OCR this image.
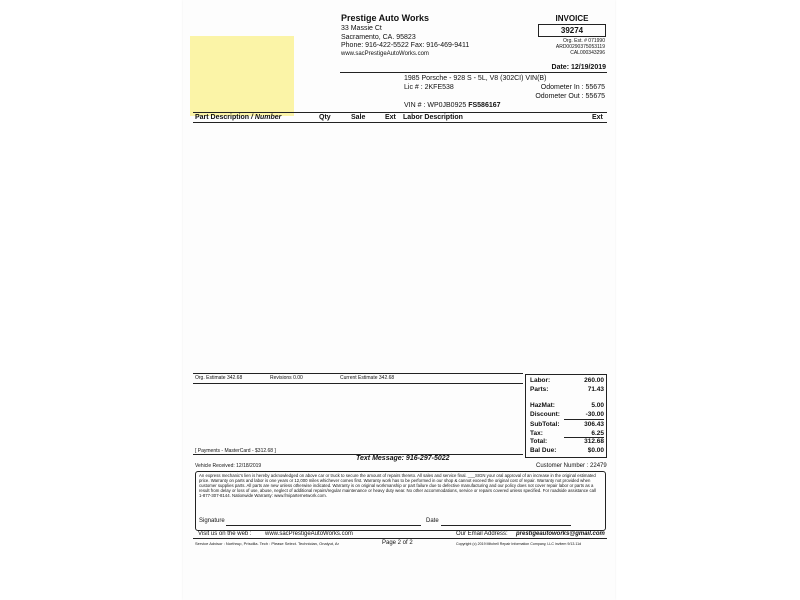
Prestige Auto Works
33 Massie Ct
Sacramento, CA. 95823
Phone: 916-422-5522 Fax: 916-469-9411
www.sacPrestigeAutoWorks.com
INVOICE
39274
Org. Est. # 071990
ARD00290375053119
CAL000343296
Date: 12/19/2019
1985 Porsche - 928 S - 5L, V8 (302CI) VIN(B)
Lic # : 2KFE538	Odometer In : 55675
Odometer Out : 55675
VIN # : WP0JB0925 FS586167
Part Description / Number	Qty	Sale	Ext Labor Description	Ext
Org. Estimate 342.68	Revisions 0.00	Current Estimate 342.68	Labor:	260.00
Parts:	71.43
HazMat:	5.00
Discount:	-30.00
SubTotal:	306.43
Tax:	6.25
Total:	312.68
Bal Due:	$0.00
[ Payments - MasterCard - $312.68 ]
Text Message: 916-297-5022
Vehicle Received: 12/18/2019	Customer Number : 22479
An express mechanic's lien is hereby acknowledged on above car or truck to secure the amount of repairs thereto. All sales and service final. ___SIGN your oral approval of an increase in the original estimated price. Warranty on parts and labor is one years or 12,000 miles whichever comes first. Warranty work has to be performed in our shop & cannot exceed the original cost of repair. Warranty not provided when customer supplies parts. All parts are new unless otherwise indicated. Warranty is on original workmanship or part failure due to defective manufacturing and our policy does not cover repair labor or parts as a result from delay or loss of use, abuse, neglect of additional repairs/regular maintenance or heavy duty wear. No other accommodations, service or repairs covered unless specified. For roadside assistance call 1-877-307-8144. Nationwide Warranty: www.fmiparternetwork.com.
Signature	Date
Visit us on the web : www.sacPrestigeAutoWorks.com	Our Email Address: prestigeautoworks@gmail.com
Service Advisor : Northrup, Priscilla. Tech : Please Select. Technician, Onalyut, Ar	Page 2 of 2	Copyright (c) 2019 Mitchell Repair Information Company, LLC invitem 9/13.11d
